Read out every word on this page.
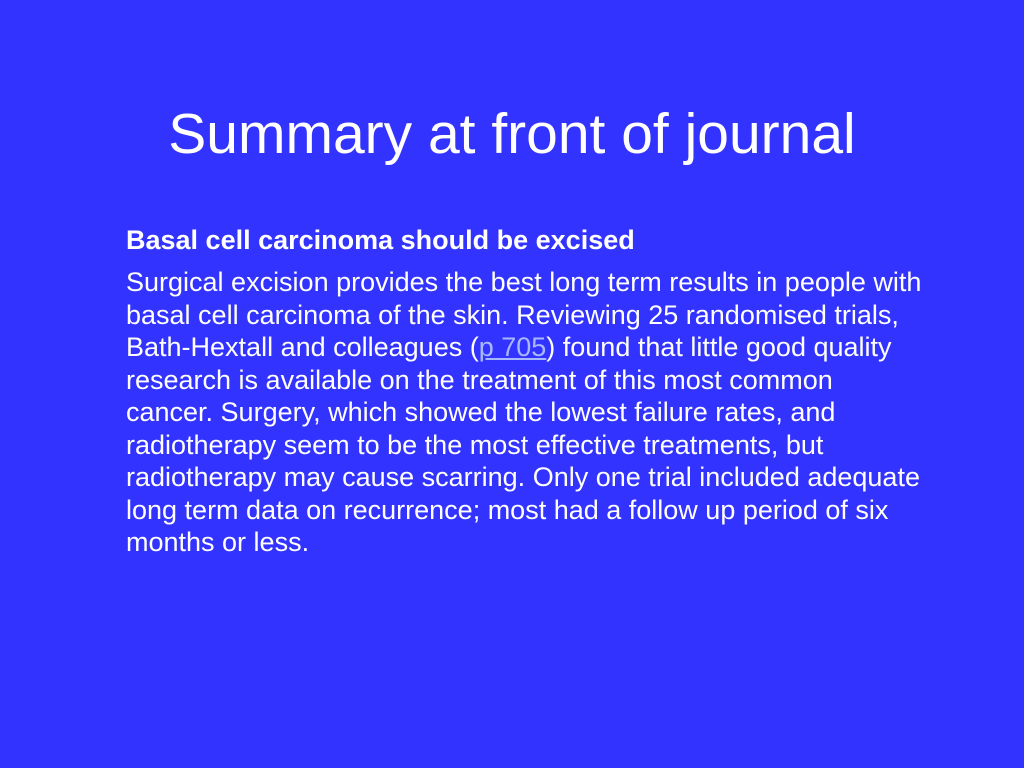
Summary at front of journal

Basal cell carcinoma should be excised

Surgical excision provides the best long term results in people with basal cell carcinoma of the skin. Reviewing 25 randomised trials, Bath-Hextall and colleagues (p 705) found that little good quality research is available on the treatment of this most common cancer. Surgery, which showed the lowest failure rates, and radiotherapy seem to be the most effective treatments, but radiotherapy may cause scarring. Only one trial included adequate long term data on recurrence; most had a follow up period of six months or less.
